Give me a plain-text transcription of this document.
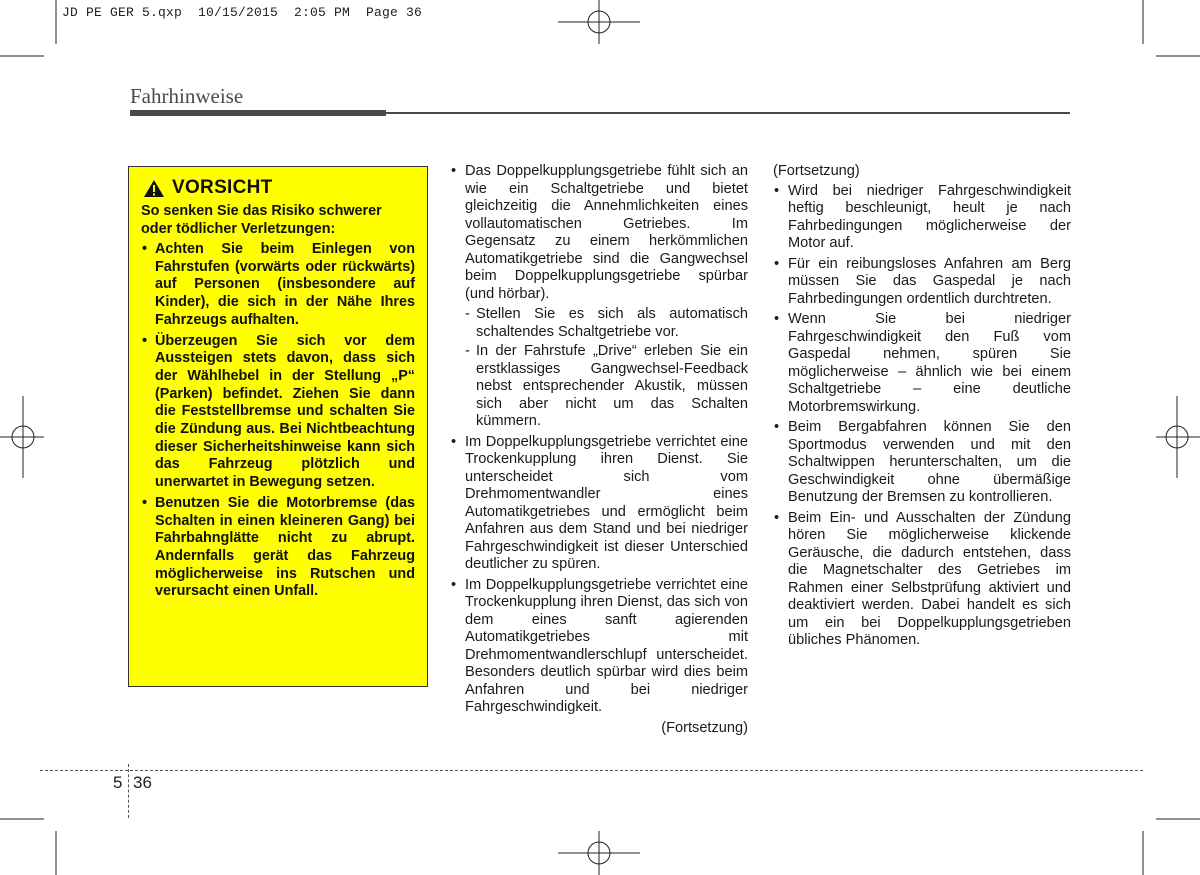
JD PE GER 5.qxp  10/15/2015  2:05 PM  Page 36
Fahrhinweise
VORSICHT

So senken Sie das Risiko schwerer oder tödlicher Verletzungen:

• Achten Sie beim Einlegen von Fahrstufen (vorwärts oder rückwärts) auf Personen (insbesondere auf Kinder), die sich in der Nähe Ihres Fahrzeugs aufhalten.
• Überzeugen Sie sich vor dem Aussteigen stets davon, dass sich der Wählhebel in der Stellung „P“ (Parken) befindet. Ziehen Sie dann die Feststellbremse und schalten Sie die Zündung aus. Bei Nichtbeachtung dieser Sicherheitshinweise kann sich das Fahrzeug plötzlich und unerwartet in Bewegung setzen.
• Benutzen Sie die Motorbremse (das Schalten in einen kleineren Gang) bei Fahrbahnglätte nicht zu abrupt. Andernfalls gerät das Fahrzeug möglicherweise ins Rutschen und verursacht einen Unfall.
• Das Doppelkupplungsgetriebe fühlt sich an wie ein Schaltgetriebe und bietet gleichzeitig die Annehmlichkeiten eines vollautomatischen Getriebes. Im Gegensatz zu einem herkömmlichen Automatikgetriebe sind die Gangwechsel beim Doppelkupplungsgetriebe spürbar (und hörbar).
- Stellen Sie es sich als automatisch schaltendes Schaltgetriebe vor.
- In der Fahrstufe „Drive“ erleben Sie ein erstklassiges Gangwechsel-Feedback nebst entsprechender Akustik, müssen sich aber nicht um das Schalten kümmern.
• Im Doppelkupplungsgetriebe verrichtet eine Trockenkupplung ihren Dienst. Sie unterscheidet sich vom Drehmomentwandler eines Automatikgetriebes und ermöglicht beim Anfahren aus dem Stand und bei niedriger Fahrgeschwindigkeit ist dieser Unterschied deutlicher zu spüren.
• Im Doppelkupplungsgetriebe verrichtet eine Trockenkupplung ihren Dienst, das sich von dem eines sanft agierenden Automatikgetriebes mit Drehmomentwandlerschlupf unterscheidet. Besonders deutlich spürbar wird dies beim Anfahren und bei niedriger Fahrgeschwindigkeit.
(Fortsetzung)
(Fortsetzung)
• Wird bei niedriger Fahrgeschwindigkeit heftig beschleunigt, heult je nach Fahrbedingungen möglicherweise der Motor auf.
• Für ein reibungsloses Anfahren am Berg müssen Sie das Gaspedal je nach Fahrbedingungen ordentlich durchtreten.
• Wenn Sie bei niedriger Fahrgeschwindigkeit den Fuß vom Gaspedal nehmen, spüren Sie möglicherweise – ähnlich wie bei einem Schaltgetriebe – eine deutliche Motorbremswirkung.
• Beim Bergabfahren können Sie den Sportmodus verwenden und mit den Schaltwippen herunterschalten, um die Geschwindigkeit ohne übermäßige Benutzung der Bremsen zu kontrollieren.
• Beim Ein- und Ausschalten der Zündung hören Sie möglicherweise klickende Geräusche, die dadurch entstehen, dass die Magnetschalter des Getriebes im Rahmen einer Selbstprüfung aktiviert und deaktiviert werden. Dabei handelt es sich um ein bei Doppelkupplungsgetrieben übliches Phänomen.
5 36
